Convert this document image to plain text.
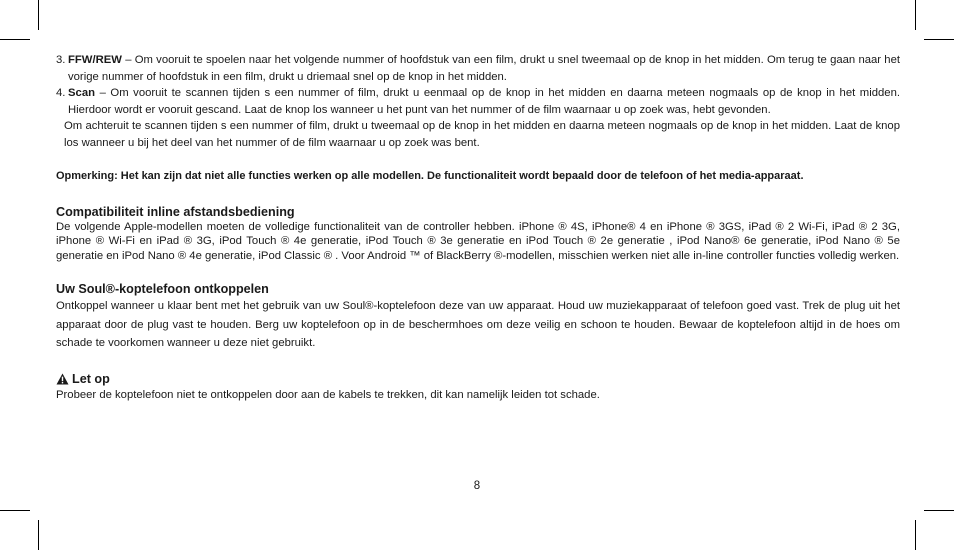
3. FFW/REW – Om vooruit te spoelen naar het volgende nummer of hoofdstuk van een film, drukt u snel tweemaal op de knop in het midden. Om terug te gaan naar het vorige nummer of hoofdstuk in een film, drukt u driemaal snel op de knop in het midden.
4. Scan – Om vooruit te scannen tijden s een nummer of film, drukt u eenmaal op de knop in het midden en daarna meteen nogmaals op de knop in het midden. Hierdoor wordt er vooruit gescand. Laat de knop los wanneer u het punt van het nummer of de film waarnaar u op zoek was, hebt gevonden.
Om achteruit te scannen tijden s een nummer of film, drukt u tweemaal op de knop in het midden en daarna meteen nogmaals op de knop in het midden. Laat de knop los wanneer u bij het deel van het nummer of de film waarnaar u op zoek was bent.
Opmerking: Het kan zijn dat niet alle functies werken op alle modellen. De functionaliteit wordt bepaald door de telefoon of het media-apparaat.
Compatibiliteit inline afstandsbediening
De volgende Apple-modellen moeten de volledige functionaliteit van de controller hebben. iPhone ® 4S, iPhone® 4 en iPhone ® 3GS, iPad ® 2 Wi-Fi, iPad ® 2 3G, iPhone ® Wi-Fi en iPad ® 3G, iPod Touch ® 4e generatie, iPod Touch ® 3e generatie en iPod Touch ® 2e generatie , iPod Nano® 6e generatie, iPod Nano ® 5e generatie en iPod Nano ® 4e generatie, iPod Classic ® . Voor Android ™ of BlackBerry ®-modellen, misschien werken niet alle in-line controller functies volledig werken.
Uw Soul®-koptelefoon ontkoppelen
Ontkoppel wanneer u klaar bent met het gebruik van uw Soul®-koptelefoon deze van uw apparaat. Houd uw muziekapparaat of telefoon goed vast. Trek de plug uit het apparaat door de plug vast te houden. Berg uw koptelefoon op in de beschermhoes om deze veilig en schoon te houden. Bewaar de koptelefoon altijd in de hoes om schade te voorkomen wanneer u deze niet gebruikt.
Let op
Probeer de koptelefoon niet te ontkoppelen door aan de kabels te trekken, dit kan namelijk leiden tot schade.
8
